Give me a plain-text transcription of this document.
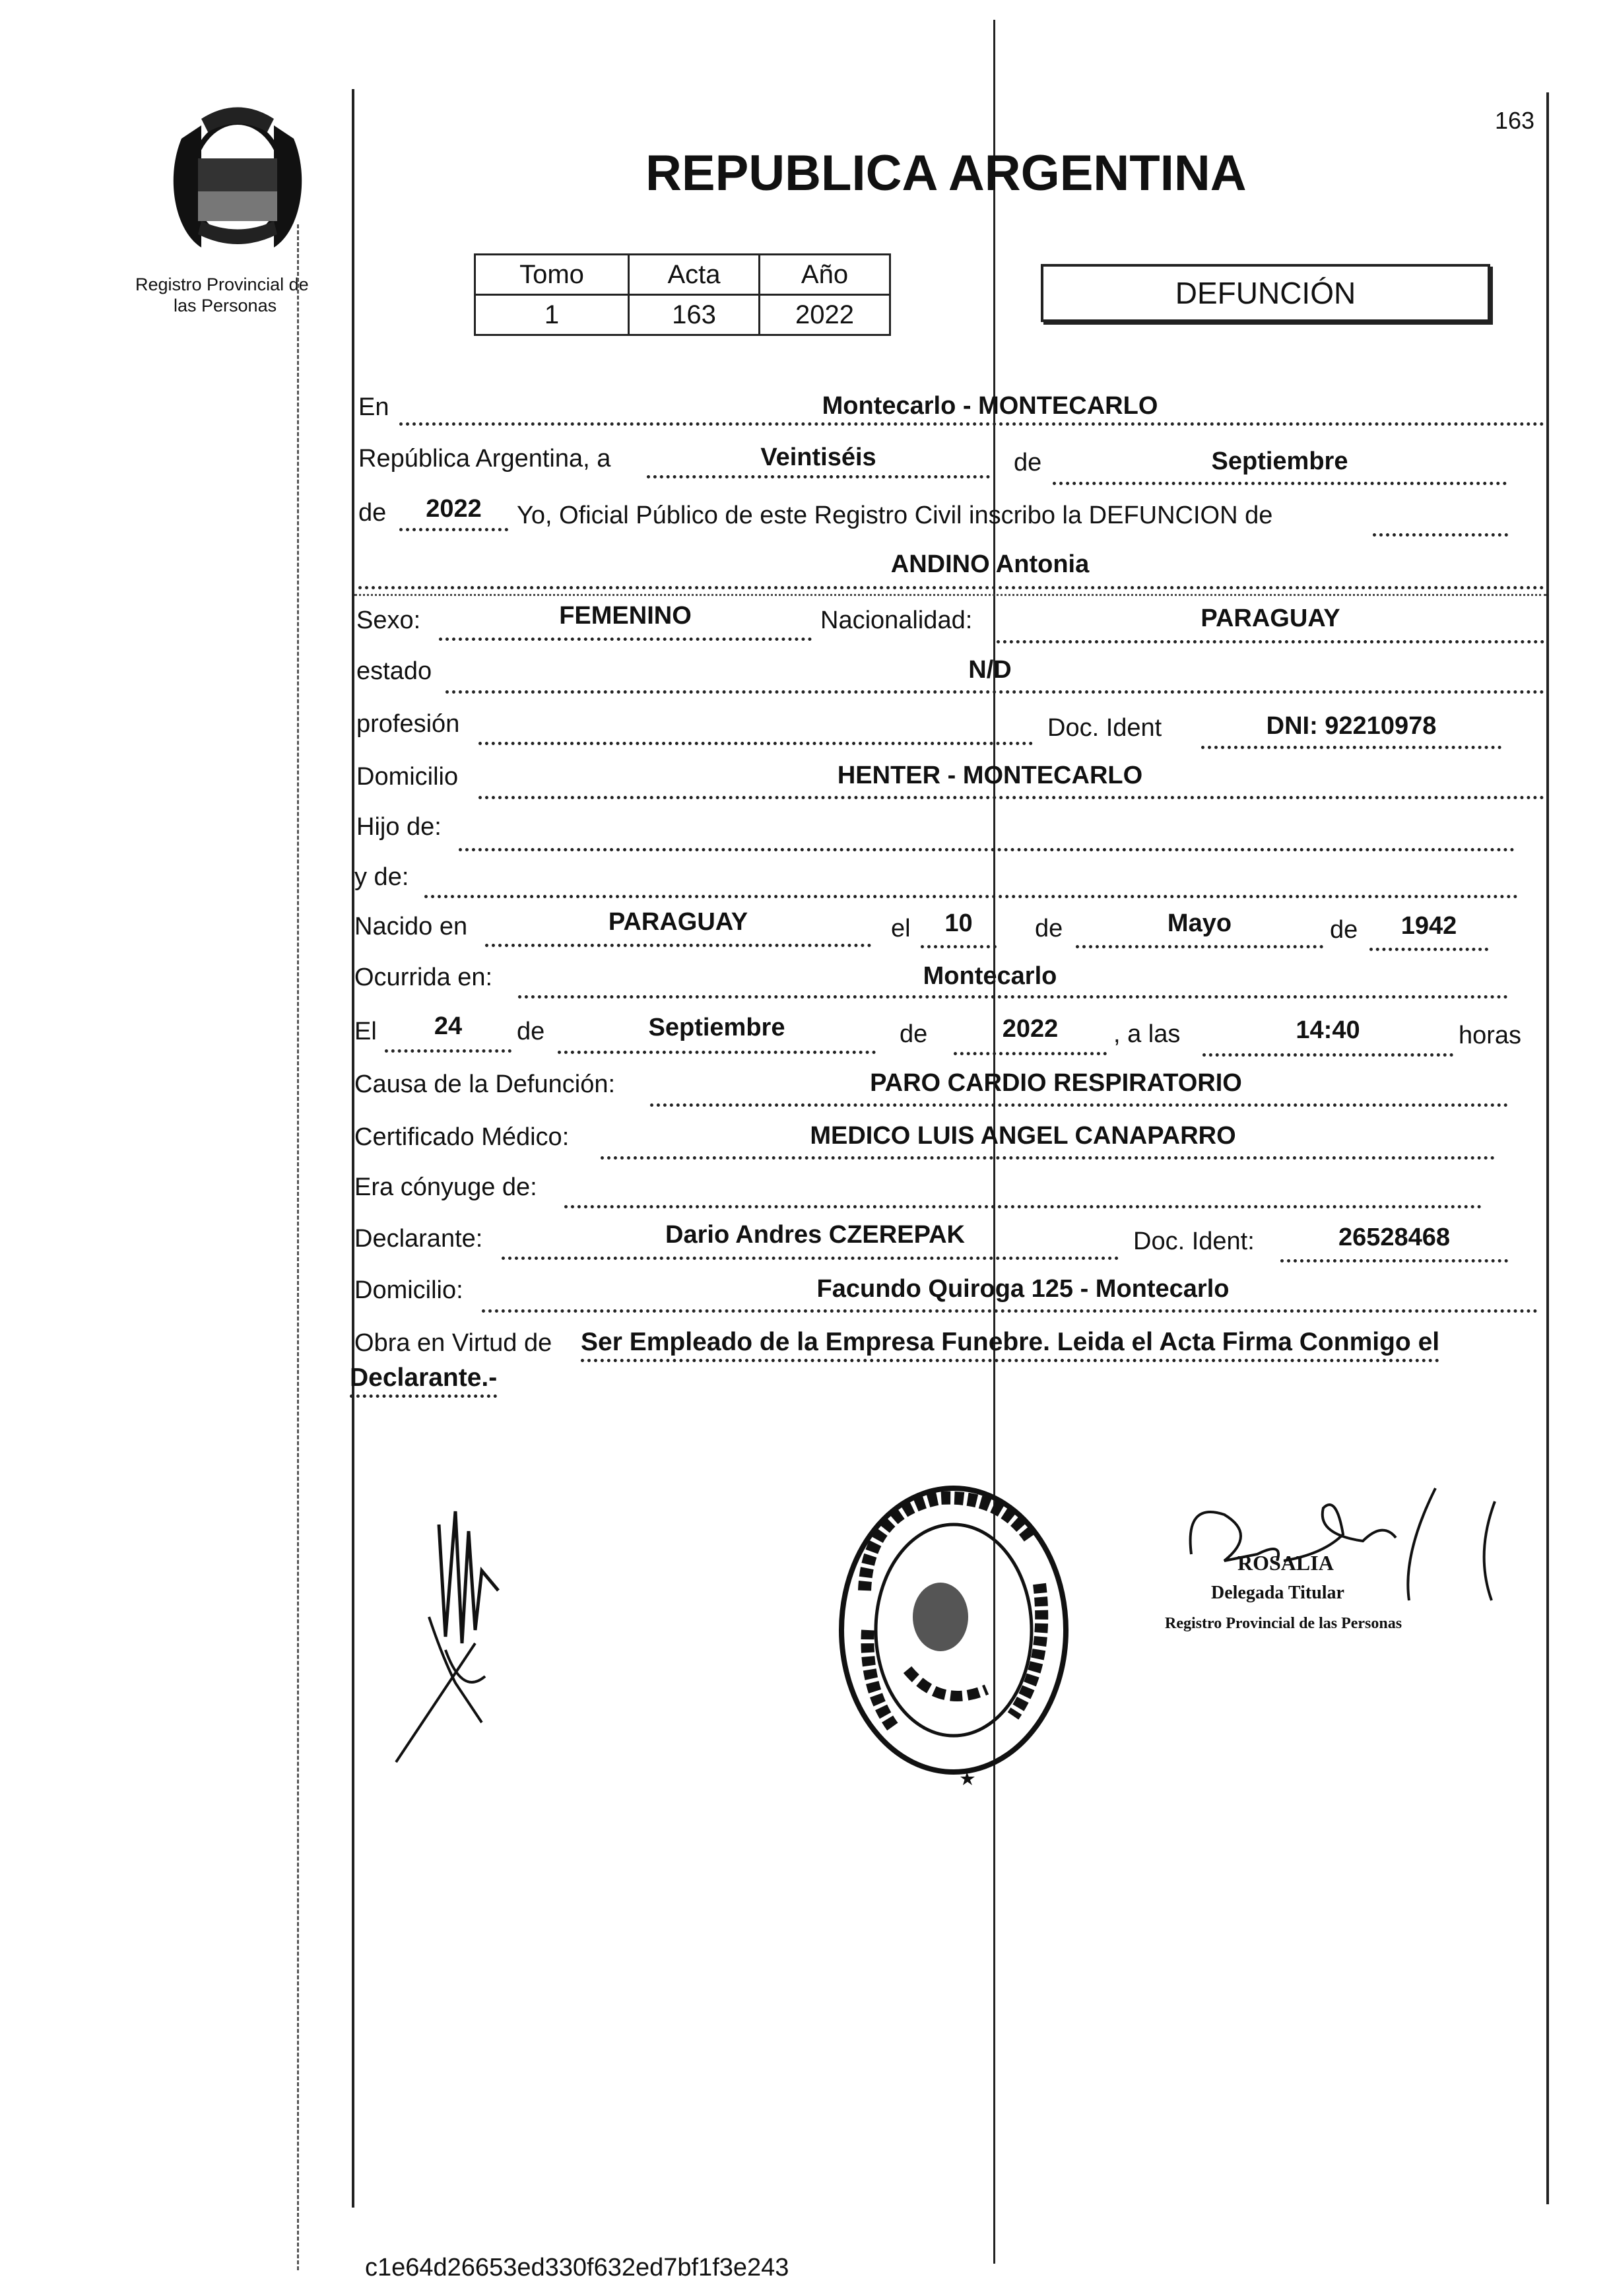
163
Registro Provincial de
las Personas
REPUBLICA ARGENTINA
Tomo	Acta	Año
1	163	2022
DEFUNCIÓN
En	Montecarlo - MONTECARLO
República Argentina, a	Veintiséis	de	Septiembre
de	2022	Yo, Oficial Público de este Registro Civil inscribo la DEFUNCION de
ANDINO Antonia
Sexo:	FEMENINO	Nacionalidad:	PARAGUAY
estado	N/D
profesión	Doc. Ident	DNI: 92210978
Domicilio	HENTER - MONTECARLO
Hijo de:
y de:
Nacido en	PARAGUAY	el	10	de	Mayo	de	1942
Ocurrida en:	Montecarlo
El	24	de	Septiembre	de	2022	, a las	14:40	horas
Causa de la Defunción:	PARO CARDIO RESPIRATORIO
Certificado Médico:	MEDICO LUIS ANGEL CANAPARRO
Era cónyuge de:
Declarante:	Dario Andres CZEREPAK	Doc. Ident:	26528468
Domicilio:	Facundo Quiroga 125 - Montecarlo
Obra en Virtud de Ser Empleado de la Empresa Funebre. Leida el Acta Firma Conmigo el
Declarante.-
ROSALIA
Delegada Titular
Registro Provincial de las Personas
c1e64d26653ed330f632ed7bf1f3e243
